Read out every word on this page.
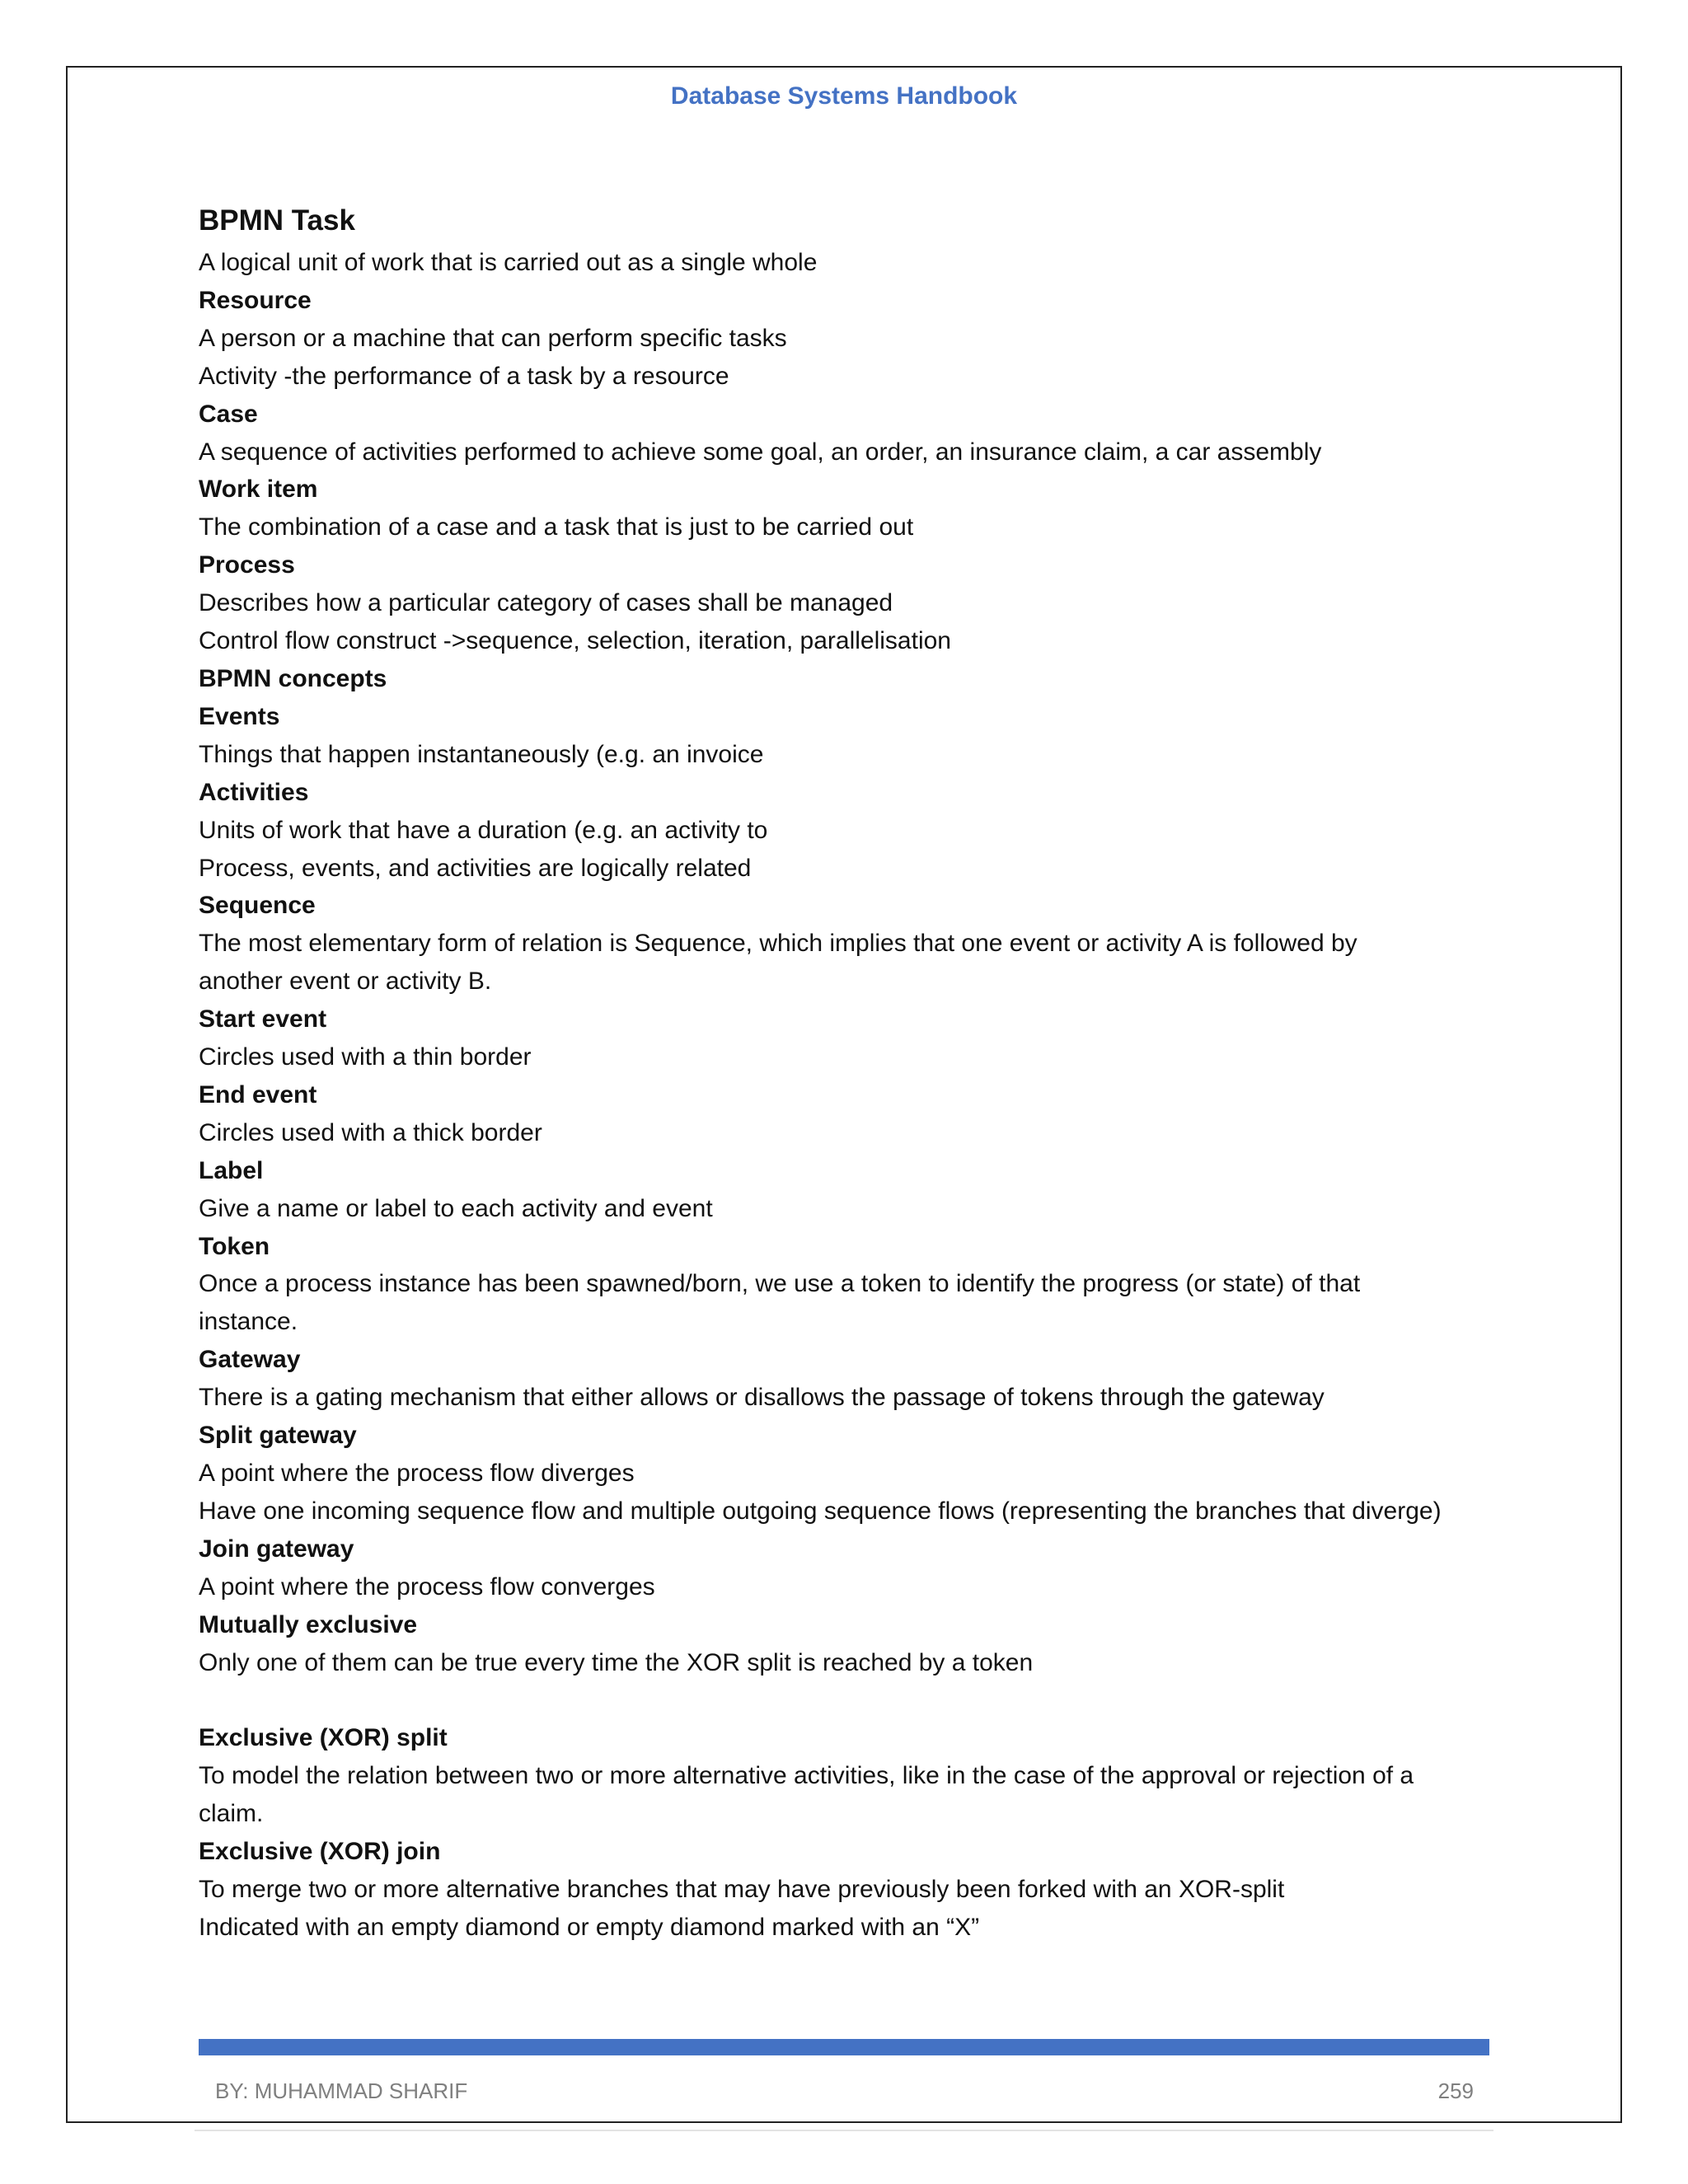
Database Systems Handbook
BPMN Task
A logical unit of work that is carried out as a single whole
Resource
A person or a machine that can perform specific tasks
Activity -the performance of a task by a resource
Case
A sequence of activities performed to achieve some goal, an order, an insurance claim, a car assembly
Work item
The combination of a case and a task that is just to be carried out
Process
Describes how a particular category of cases shall be managed
Control flow construct ->sequence, selection, iteration, parallelisation
BPMN concepts
Events
Things that happen instantaneously (e.g. an invoice
Activities
Units of work that have a duration (e.g. an activity to
Process, events, and activities are logically related
Sequence
The most elementary form of relation is Sequence, which implies that one event or activity A is followed by
another event or activity B.
Start event
Circles used with a thin border
End event
Circles used with a thick border
Label
Give a name or label to each activity and event
Token
Once a process instance has been spawned/born, we use a token to identify the progress (or state) of that
instance.
Gateway
There is a gating mechanism that either allows or disallows the passage of tokens through the gateway
Split gateway
A point where the process flow diverges
Have one incoming sequence flow and multiple outgoing sequence flows (representing the branches that diverge)
Join gateway
A point where the process flow converges
Mutually exclusive
Only one of them can be true every time the XOR split is reached by a token
Exclusive (XOR) split
To model the relation between two or more alternative activities, like in the case of the approval or rejection of a
claim.
Exclusive (XOR) join
To merge two or more alternative branches that may have previously been forked with an XOR-split
Indicated with an empty diamond or empty diamond marked with an “X”
BY: MUHAMMAD SHARIF	259
